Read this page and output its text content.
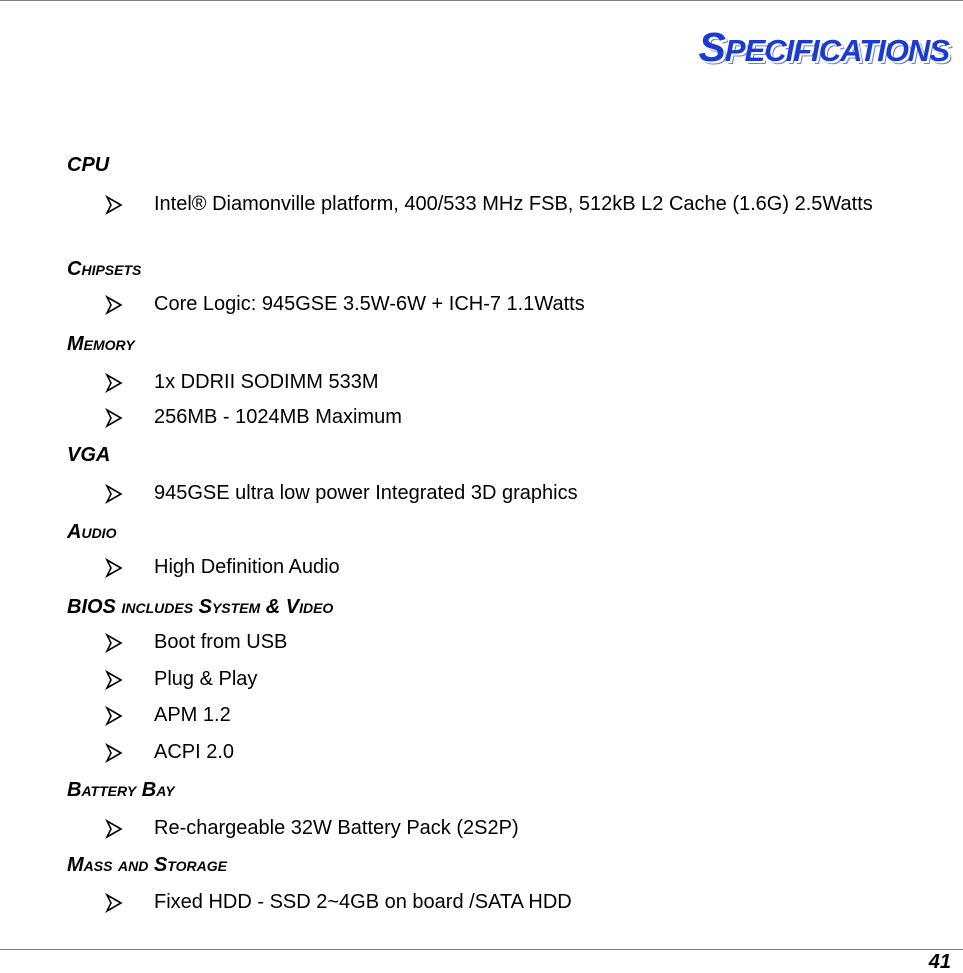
SPECIFICATIONS
CPU
Intel® Diamonville platform, 400/533 MHz FSB, 512kB L2 Cache (1.6G) 2.5Watts
CHIPSETS
Core Logic: 945GSE 3.5W-6W + ICH-7 1.1Watts
MEMORY
1x DDRII SODIMM 533M
256MB - 1024MB Maximum
VGA
945GSE ultra low power Integrated 3D graphics
AUDIO
High Definition Audio
BIOS INCLUDES SYSTEM & VIDEO
Boot from USB
Plug & Play
APM 1.2
ACPI 2.0
BATTERY BAY
Re-chargeable 32W Battery Pack (2S2P)
MASS AND STORAGE
Fixed HDD - SSD 2~4GB on board /SATA HDD
41
